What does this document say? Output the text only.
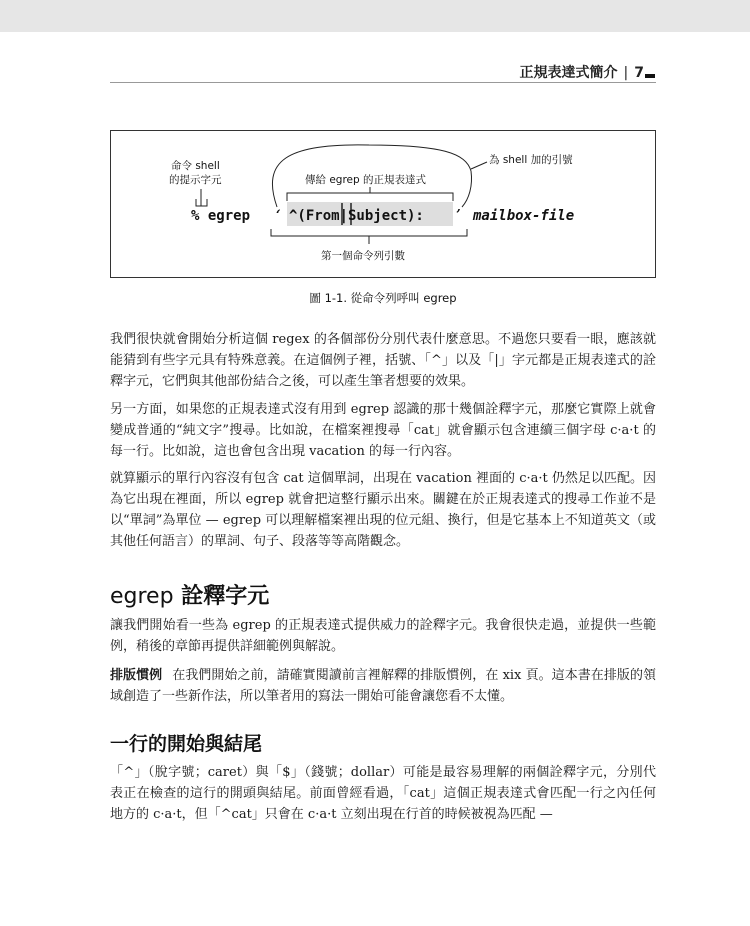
正規表達式簡介 | 7
命令 shell
的提示字元	傳給 egrep 的正規表達式
為 shell 加的引號
第一個命令列引數
% egrep ʻ ^(From|Subject): ʼ mailbox-file
圖 1-1. 從命令列呼叫 egrep

我們很快就會開始分析這個 regex 的各個部份分別代表什麼意思。不過您只要看一眼，應該就能猜到有些字元具有特殊意義。在這個例子裡，括號、「^」以及「|」字元都是正規表達式的詮釋字元，它們與其他部份結合之後，可以產生筆者想要的效果。

另一方面，如果您的正規表達式沒有用到 egrep 認識的那十幾個詮釋字元，那麼它實際上就會變成普通的“純文字”搜尋。比如說，在檔案裡搜尋「cat」就會顯示包含連續三個字母 c·a·t 的每一行。比如說，這也會包含出現 vacation 的每一行內容。

就算顯示的單行內容沒有包含 cat 這個單詞，出現在 vacation 裡面的 c·a·t 仍然足以匹配。因為它出現在裡面，所以 egrep 就會把這整行顯示出來。關鍵在於正規表達式的搜尋工作並不是以“單詞”為單位 — egrep 可以理解檔案裡出現的位元組、換行，但是它基本上不知道英文（或其他任何語言）的單詞、句子、段落等等高階觀念。

egrep 詮釋字元

讓我們開始看一些為 egrep 的正規表達式提供威力的詮釋字元。我會很快走過，並提供一些範例，稍後的章節再提供詳細範例與解說。

排版慣例 在我們開始之前，請確實閱讀前言裡解釋的排版慣例，在 xix 頁。這本書在排版的領域創造了一些新作法，所以筆者用的寫法一開始可能會讓您看不太懂。

一行的開始與結尾

「^」（脫字號；caret）與「$」（錢號；dollar）可能是最容易理解的兩個詮釋字元，分別代表正在檢查的這行的開頭與結尾。前面曾經看過，「cat」這個正規表達式會匹配一行之內任何地方的 c·a·t，但「^cat」只會在 c·a·t 立刻出現在行首的時候被視為匹配 —
